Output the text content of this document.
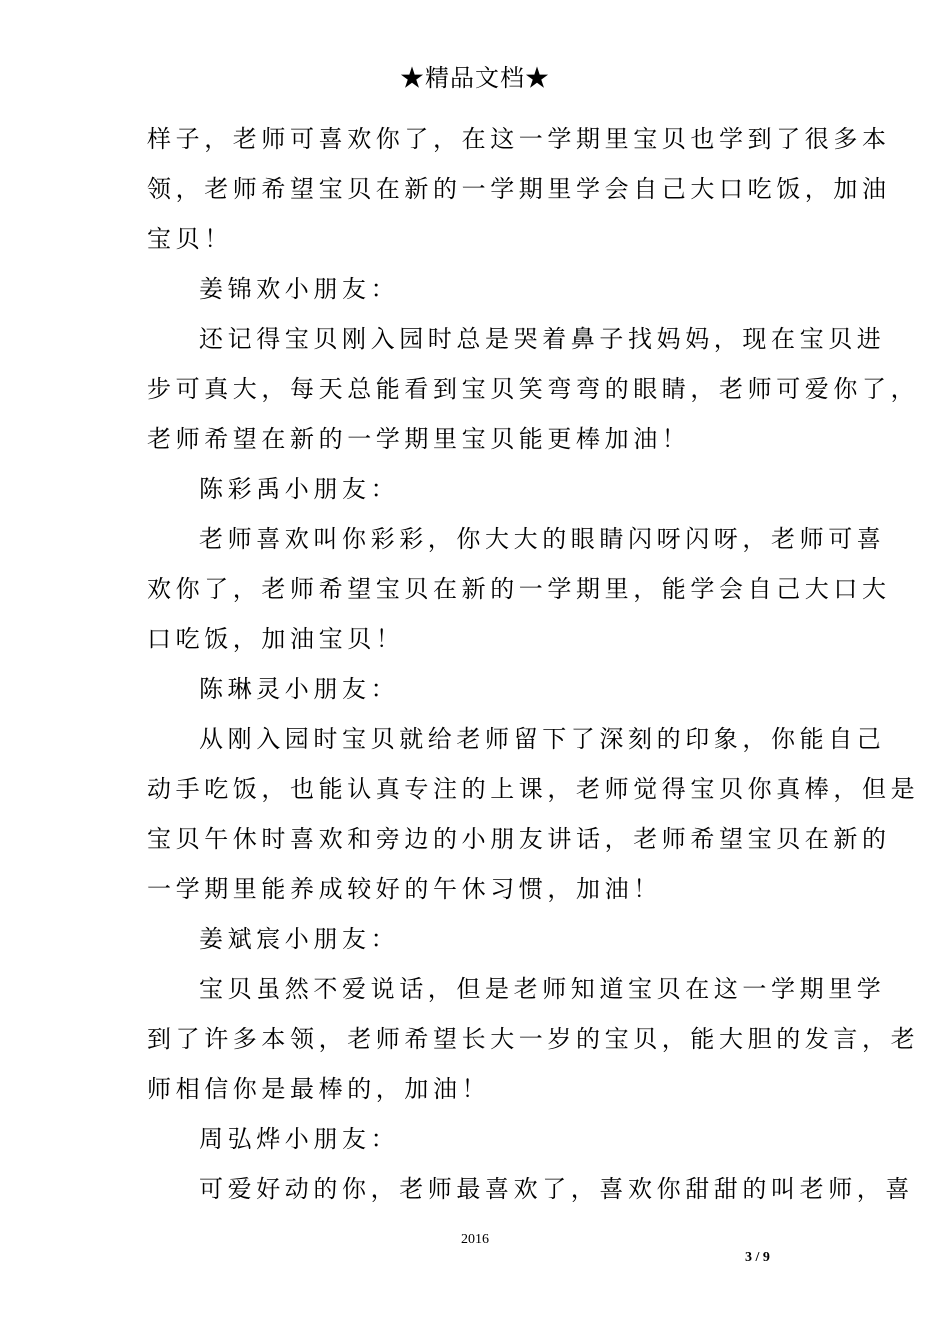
★精品文档★
样子，老师可喜欢你了，在这一学期里宝贝也学到了很多本
领，老师希望宝贝在新的一学期里学会自己大口吃饭，加油
宝贝！
姜锦欢小朋友：
还记得宝贝刚入园时总是哭着鼻子找妈妈，现在宝贝进
步可真大，每天总能看到宝贝笑弯弯的眼睛，老师可爱你了，
老师希望在新的一学期里宝贝能更棒加油！
陈彩禹小朋友：
老师喜欢叫你彩彩，你大大的眼睛闪呀闪呀，老师可喜
欢你了，老师希望宝贝在新的一学期里，能学会自己大口大
口吃饭，加油宝贝！
陈琳灵小朋友：
从刚入园时宝贝就给老师留下了深刻的印象，你能自己
动手吃饭，也能认真专注的上课，老师觉得宝贝你真棒，但是
宝贝午休时喜欢和旁边的小朋友讲话，老师希望宝贝在新的
一学期里能养成较好的午休习惯，加油！
姜斌宸小朋友：
宝贝虽然不爱说话，但是老师知道宝贝在这一学期里学
到了许多本领，老师希望长大一岁的宝贝，能大胆的发言，老
师相信你是最棒的，加油！
周弘烨小朋友：
可爱好动的你，老师最喜欢了，喜欢你甜甜的叫老师，喜
2016
3 / 9
